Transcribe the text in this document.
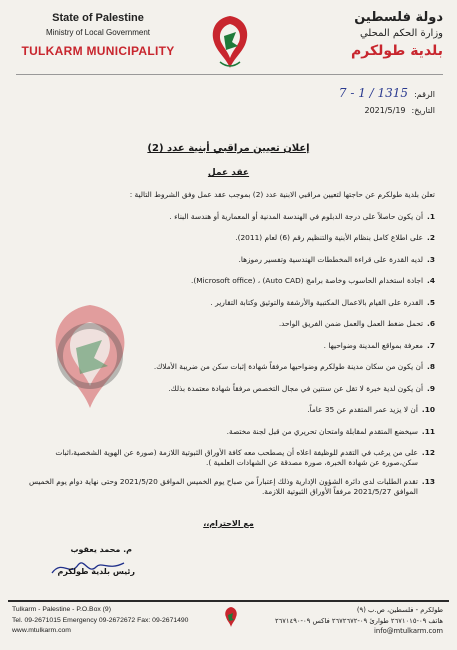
State of Palestine
Ministry of Local Government
TULKARM MUNICIPALITY
دولة فلسطين
وزارة الحكم المحلي
بلدية طولكرم
الرقم:
1315 / 1 - 7
التاريخ:
2021/5/19
إعلان تعيين مراقبي أبنية عدد (2)
عقد عمل
تعلن بلدية طولكرم عن حاجتها لتعيين مراقبي الابنية عدد (2) بموجب عقد عمل وفق الشروط التالية :
1.
أن يكون حاصلاً على درجة الدبلوم في الهندسة المدنية أو المعمارية أو هندسة البناء .
2.
على اطلاع كامل بنظام الأبنية والتنظيم رقم (6) لعام (2011).
3.
لديه القدرة على قراءة المخططات الهندسية وتفسير رموزها.
4.
اجادة استخدام الحاسوب وخاصة برامج (Auto CAD) ، (Microsoft office).
5.
القدرة على القيام بالاعمال المكتبية والأرشفة والتوثيق وكتابة التقارير .
6.
تحمل ضغط العمل والعمل ضمن الفريق الواحد.
7.
معرفة بمواقع المدينة وضواحيها .
8.
أن يكون من سكان مدينة طولكرم وضواحيها مرفقاً شهادة إثبات سكن من ضريبة الأملاك.
9.
أن يكون لدية خبرة لا تقل عن سنتين في مجال التخصص مرفقاً شهادة معتمدة بذلك.
10.
أن لا يزيد عمر المتقدم عن 35 عاماً.
11.
سيخضع المتقدم لمقابلة وامتحان تحريري من قبل لجنة مختصة.
12.
على من يرغب في التقدم للوظيفة اعلاه أن يصطحب معه كافة الأوراق الثبوتية اللازمة (صورة عن الهوية الشخصية،اثبات سكن،صورة عن شهادة الخبرة، صورة مصدقة عن الشهادات العلمية ).
13.
تقدم الطلبات لدى دائرة الشؤون الإدارية وذلك إعتباراً من صباح يوم الخميس الموافق 2021/5/20 وحتى نهاية دوام يوم الخميس الموافق 2021/5/27 مرفقاً الأوراق الثبوتية اللازمة.
مع الاحترام،،
م. محمد يعقوب
رئيس بلدية طولكرم
Tulkarm - Palestine - P.O.Box (9)
Tel. 09-2671015 Emergency 09-2672672 Fax: 09-2671490
www.mtulkarm.com
طولكرم - فلسطين، ص.ب (٩)
هاتف ٠٩-٢٦٧١٠١٥ طوارئ ٠٩-٢٦٧٢٦٧٢ فاكس ٠٩-٢٦٧١٤٩٠
info@mtulkarm.com
